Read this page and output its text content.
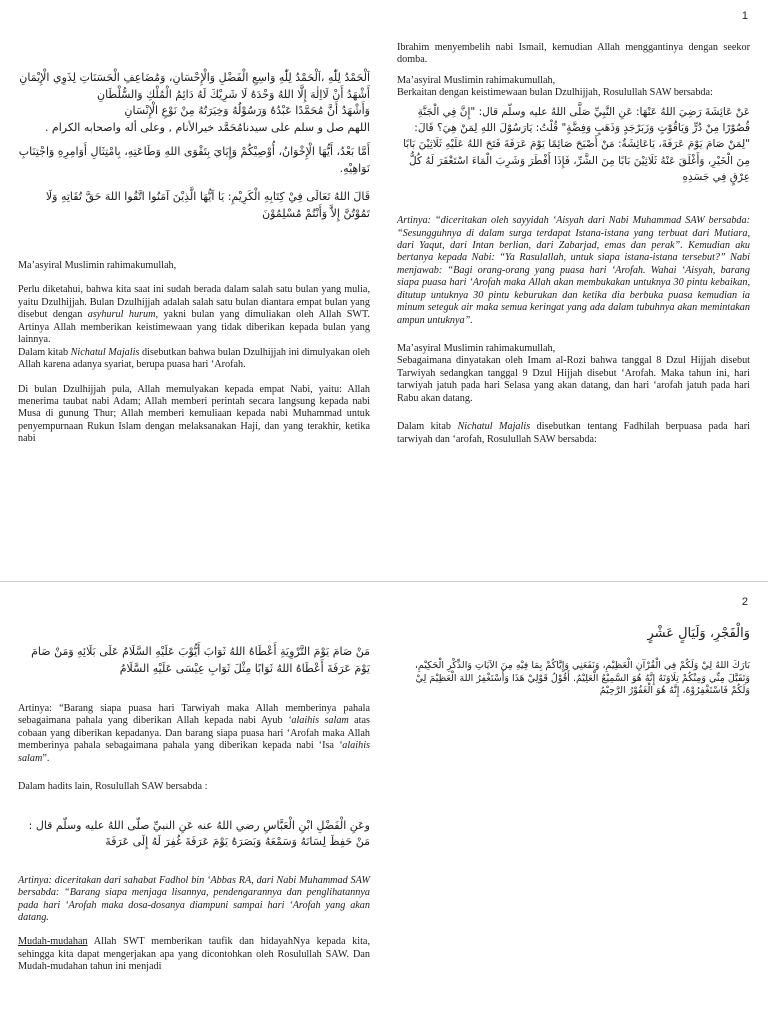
1

اَلْحَمْدُ لِلّٰهِ ،اَلْحَمْدُ لِلّٰهِ وَاسِعِ الْفَضْلِ وَالْإِحْسَانِ، وَمُضَاعِفِ الْحَسَنَاتِ لِذَوِي الْإِيْمَانِ

أَشْهَدُ أَنْ لَااِلٰهَ إِلَّا اللهُ وَحْدَهُ لَا شَرِيْكَ لَهُ دَائِمُ الْمُلْكِ وَالسُّلْطَانِ

وَأَشْهَدُ أَنَّ مُحَمَّدًا عَبْدُهُ وَرَسُوْلُهُ وَخِيَرَتُهُ مِنْ نَوْعِ الْإِنْسَانِ

اللهم صل و سلم على سيدنامُحَمَّد خيرالأنام , وعلى أله واصحابه الكرام .

أَمَّا بَعْدُ، أَيُّهَا الْإِخْوَانُ، أُوْصِيْكُمْ وَإِيَايَ بِتَقْوَى اللهِ وَطَاعَتِهِ، بِامْتِثَالِ أَوَامِرِهِ وَاجْتِنَابِ نَوَاهِيْهِ.

قَالَ اللهُ تَعَالَى فِيْ كِتَابِهِ الْكَرِيْمِ: يَا اَيُّهَا الَّذِيْنَ آمَنُوا اتَّقُوا اللهَ حَقَّ تُقَاتِهِ وَلَا تَمُوْتُنَّ إِلاَّ وَأَنْتُمْ مُسْلِمُوْنَ

Ma’asyiral Muslimin rahimakumullah,

Perlu diketahui, bahwa kita saat ini sudah berada dalam salah satu bulan yang mulia, yaitu Dzulhijjah. Bulan Dzulhijjah adalah salah satu bulan diantara empat bulan yang disebut dengan asyhurul hurum, yakni bulan yang dimuliakan oleh Allah SWT. Artinya Allah memberikan keistimewaan yang tidak diberikan kepada bulan yang lainnya.

Dalam kitab Nichatul Majalis disebutkan bahwa bulan Dzulhijjah ini dimulyakan oleh Allah karena adanya syariat, berupa puasa hari ‘Arofah.

Di bulan Dzulhijjah pula, Allah memulyakan kepada empat Nabi, yaitu: Allah menerima taubat nabi Adam; Allah memberi perintah secara langsung kepada nabi Musa di gunung Thur; Allah memberi kemuliaan kepada nabi Muhammad untuk penyempurnaan Rukun Islam dengan melaksanakan Haji, dan yang terakhir, ketika nabi

Ibrahim menyembelih nabi Ismail, kemudian Allah menggantinya dengan seekor domba.

Ma’asyiral Muslimin rahimakumullah,

Berkaitan dengan keistimewaan bulan Dzulhijjah, Rosulullah SAW bersabda:

عَنْ عَائِشَةَ رَضِيَ اللهُ عَنْهَا: عَنِ النَّبِيِّ صَلَّى اللهُ عليه وسلّم قال: "إِنَّ فِي الْجَنَّةِ قُصُوْرًا مِنْ دُرٍّ وَيَاقُوْتٍ وَزَبَرْجَدٍ وَذَهَبٍ وَفِضَّةٍ" قُلْتُ: يَارَسُوْلَ اللهِ لِمَنْ هِيَ؟ قَالَ: "لِمَنْ صَامَ يَوْمَ عَرَفَةَ، يَاعَائِشَةُ: مَنْ أَصْبَحَ صَائِمًا يَوْمَ عَرَفَةَ فَتَحَ اللهُ عَلَيْهِ ثَلَاثِيْنَ بَابًا مِنَ الْخَيْرِ، وَأَغْلَقَ عَنْهُ ثَلَاثِيْنَ بَابًا مِنَ الشَّرِّ، فَإِذَا أَفْطَرَ وَشَرِبَ الْمَاءَ اسْتَغْفَرَ لَهُ كُلُّ عِرْقٍ فِي جَسَدِهِ

Artinya: “diceritakan oleh sayyidah ‘Aisyah dari Nabi Muhammad SAW bersabda: “Sesungguhnya di dalam surga terdapat Istana-istana yang terbuat dari Mutiara, dari Yaqut, dari Intan berlian, dari Zabarjad, emas dan perak”. Kemudian aku bertanya kepada Nabi: “Ya Rasulallah, untuk siapa istana-istana tersebut?” Nabi menjawab: “Bagi orang-orang yang puasa hari ‘Arofah. Wahai ‘Aisyah, barang siapa puasa hari ‘Arofah maka Allah akan membukakan untuknya 30 pintu kebaikan, ditutup untuknya 30 pintu keburukan dan ketika dia berbuka puasa kemudian ia minum seteguk air maka semua keringat yang ada dalam tubuhnya akan memintakan ampun untuknya”.

Ma’asyiral Muslimin rahimakumullah,

Sebagaimana dinyatakan oleh Imam al-Rozi bahwa tanggal 8 Dzul Hijjah disebut Tarwiyah sedangkan tanggal 9 Dzul Hijjah disebut ‘Arofah. Maka tahun ini, hari tarwiyah jatuh pada hari Selasa yang akan datang, dan hari ‘arofah jatuh pada hari Rabu akan datang.

Dalam kitab Nichatul Majalis disebutkan tentang Fadhilah berpuasa pada hari tarwiyah dan ‘arofah, Rosulullah SAW bersabda:

2

مَنْ صَامَ يَوْمَ التَّرْوِيَةِ أَعْطَاهُ اللهُ ثَوَابَ أَيُّوْبَ عَلَيْهِ السَّلَامُ عَلَى بَلَائِهِ وَمَنْ صَامَ يَوْمَ عَرَفَةَ أَعْطَاهُ اللهُ ثَوَابًا مِثْلَ ثَوَابِ عِيْسَى عَلَيْهِ السَّلَامُ

Artinya: “Barang siapa puasa hari Tarwiyah maka Allah memberinya pahala sebagaimana pahala yang diberikan Allah kepada nabi Ayub ‘alaihis salam atas cobaan yang diberikan kepadanya. Dan barang siapa puasa hari ‘Arofah maka Allah memberinya pahala sebagaimana pahala yang diberikan kepada nabi ‘Isa ‘alaihis salam”.

Dalam hadits lain, Rosulullah SAW bersabda :

وعَنِ الْفَضْلِ ابْنِ الْعَبَّاسِ رضي اللهُ عنه عَنِ النبيِّ صلّى اللهُ عليه وسلّم قال : مَنْ حَفِظَ لِسَانَهُ وَسَمْعَهُ وَبَصَرَهُ يَوْمَ عَرَفَةَ غُفِرَ لَهُ إِلَى عَرَفَةَ

Artinya: diceritakan dari sahabat Fadhol bin ‘Abbas RA, dari Nabi Muhammad SAW bersabda: “Barang siapa menjaga lisannya, pendengarannya dan penglihatannya pada hari ‘Arofah maka dosa-dosanya diampuni sampai hari ‘Arofah yang akan datang.

Mudah-mudahan Allah SWT memberikan taufik dan hidayahNya kepada kita, sehingga kita dapat mengerjakan apa yang dicontohkan oleh Rosulullah SAW. Dan Mudah-mudahan tahun ini menjadi

وَالْفَجْرِ، وَلَيَالٍ عَشْرٍ

بَارَكَ اللهُ لِيْ وَلَكُمْ فِي الْقُرْآنِ الْعَظِيْمِ، وَنَفَعَنِي وَإِيَّاكُمْ بِمَا فِيْهِ مِنَ الآيَاتِ وَالذِّكْرِ الْحَكِيْمِ، وَتَقَبَّلَ مِنِّي وَمِنْكُمْ تِلَاوَتَهُ إِنَّهُ هُوَ السَّمِيْعُ الْعَلِيْمُ. أَقُوْلُ قَوْلِيْ هَذَا وَأَسْتَغْفِرُ اللهَ الْعَظِيْمَ لِيْ وَلَكُمْ فَاسْتَغْفِرُوْهُ، إِنَّهُ هُوَ الْغَفُوْرُ الرَّحِيْمُ
